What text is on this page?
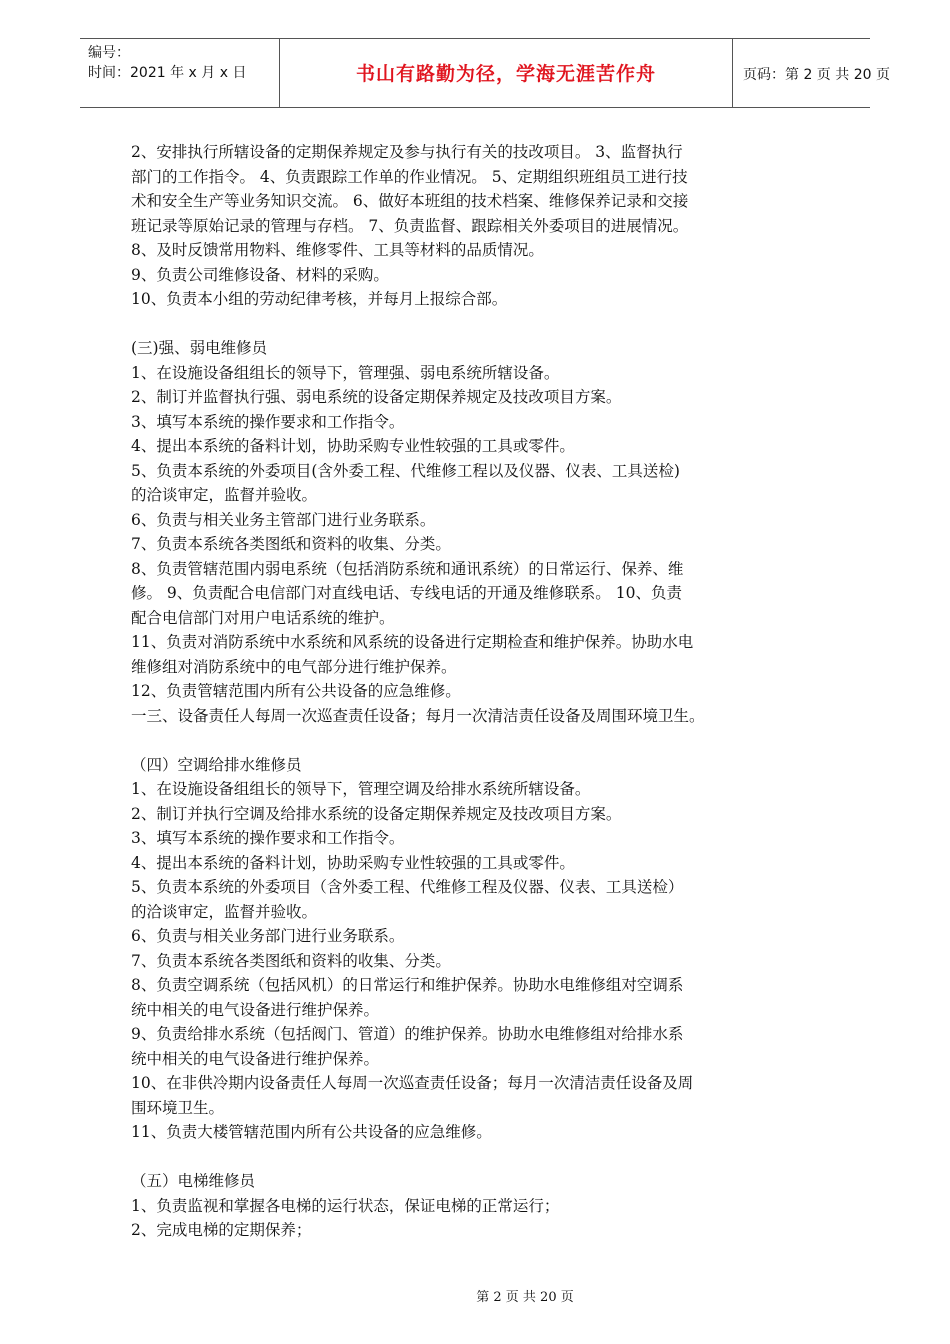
编号：
时间：2021 年 x 月 x 日	书山有路勤为径，学海无涯苦作舟	页码：第 2 页 共 20 页
2、安排执行所辖设备的定期保养规定及参与执行有关的技改项目。 3、监督执行
部门的工作指令。 4、负责跟踪工作单的作业情况。 5、定期组织班组员工进行技
术和安全生产等业务知识交流。 6、做好本班组的技术档案、维修保养记录和交接
班记录等原始记录的管理与存档。 7、负责监督、跟踪相关外委项目的进展情况。
8、及时反馈常用物料、维修零件、工具等材料的品质情况。
9、负责公司维修设备、材料的采购。
10、负责本小组的劳动纪律考核，并每月上报综合部。
(三)强、弱电维修员
1、在设施设备组组长的领导下，管理强、弱电系统所辖设备。
2、制订并监督执行强、弱电系统的设备定期保养规定及技改项目方案。
3、填写本系统的操作要求和工作指令。
4、提出本系统的备料计划，协助采购专业性较强的工具或零件。
5、负责本系统的外委项目(含外委工程、代维修工程以及仪器、仪表、工具送检)
的洽谈审定，监督并验收。
6、负责与相关业务主管部门进行业务联系。
7、负责本系统各类图纸和资料的收集、分类。
8、负责管辖范围内弱电系统（包括消防系统和通讯系统）的日常运行、保养、维
修。 9、负责配合电信部门对直线电话、专线电话的开通及维修联系。 10、负责
配合电信部门对用户电话系统的维护。
11、负责对消防系统中水系统和风系统的设备进行定期检查和维护保养。协助水电
维修组对消防系统中的电气部分进行维护保养。
12、负责管辖范围内所有公共设备的应急维修。
一三、设备责任人每周一次巡查责任设备；每月一次清洁责任设备及周围环境卫生。
（四）空调给排水维修员
1、在设施设备组组长的领导下，管理空调及给排水系统所辖设备。
2、制订并执行空调及给排水系统的设备定期保养规定及技改项目方案。
3、填写本系统的操作要求和工作指令。
4、提出本系统的备料计划，协助采购专业性较强的工具或零件。
5、负责本系统的外委项目（含外委工程、代维修工程及仪器、仪表、工具送检）
的洽谈审定，监督并验收。
6、负责与相关业务部门进行业务联系。
7、负责本系统各类图纸和资料的收集、分类。
8、负责空调系统（包括风机）的日常运行和维护保养。协助水电维修组对空调系
统中相关的电气设备进行维护保养。
9、负责给排水系统（包括阀门、管道）的维护保养。协助水电维修组对给排水系
统中相关的电气设备进行维护保养。
10、在非供冷期内设备责任人每周一次巡查责任设备；每月一次清洁责任设备及周
围环境卫生。
11、负责大楼管辖范围内所有公共设备的应急维修。
（五）电梯维修员
1、负责监视和掌握各电梯的运行状态，保证电梯的正常运行；
2、完成电梯的定期保养；
第 2 页 共 20 页
